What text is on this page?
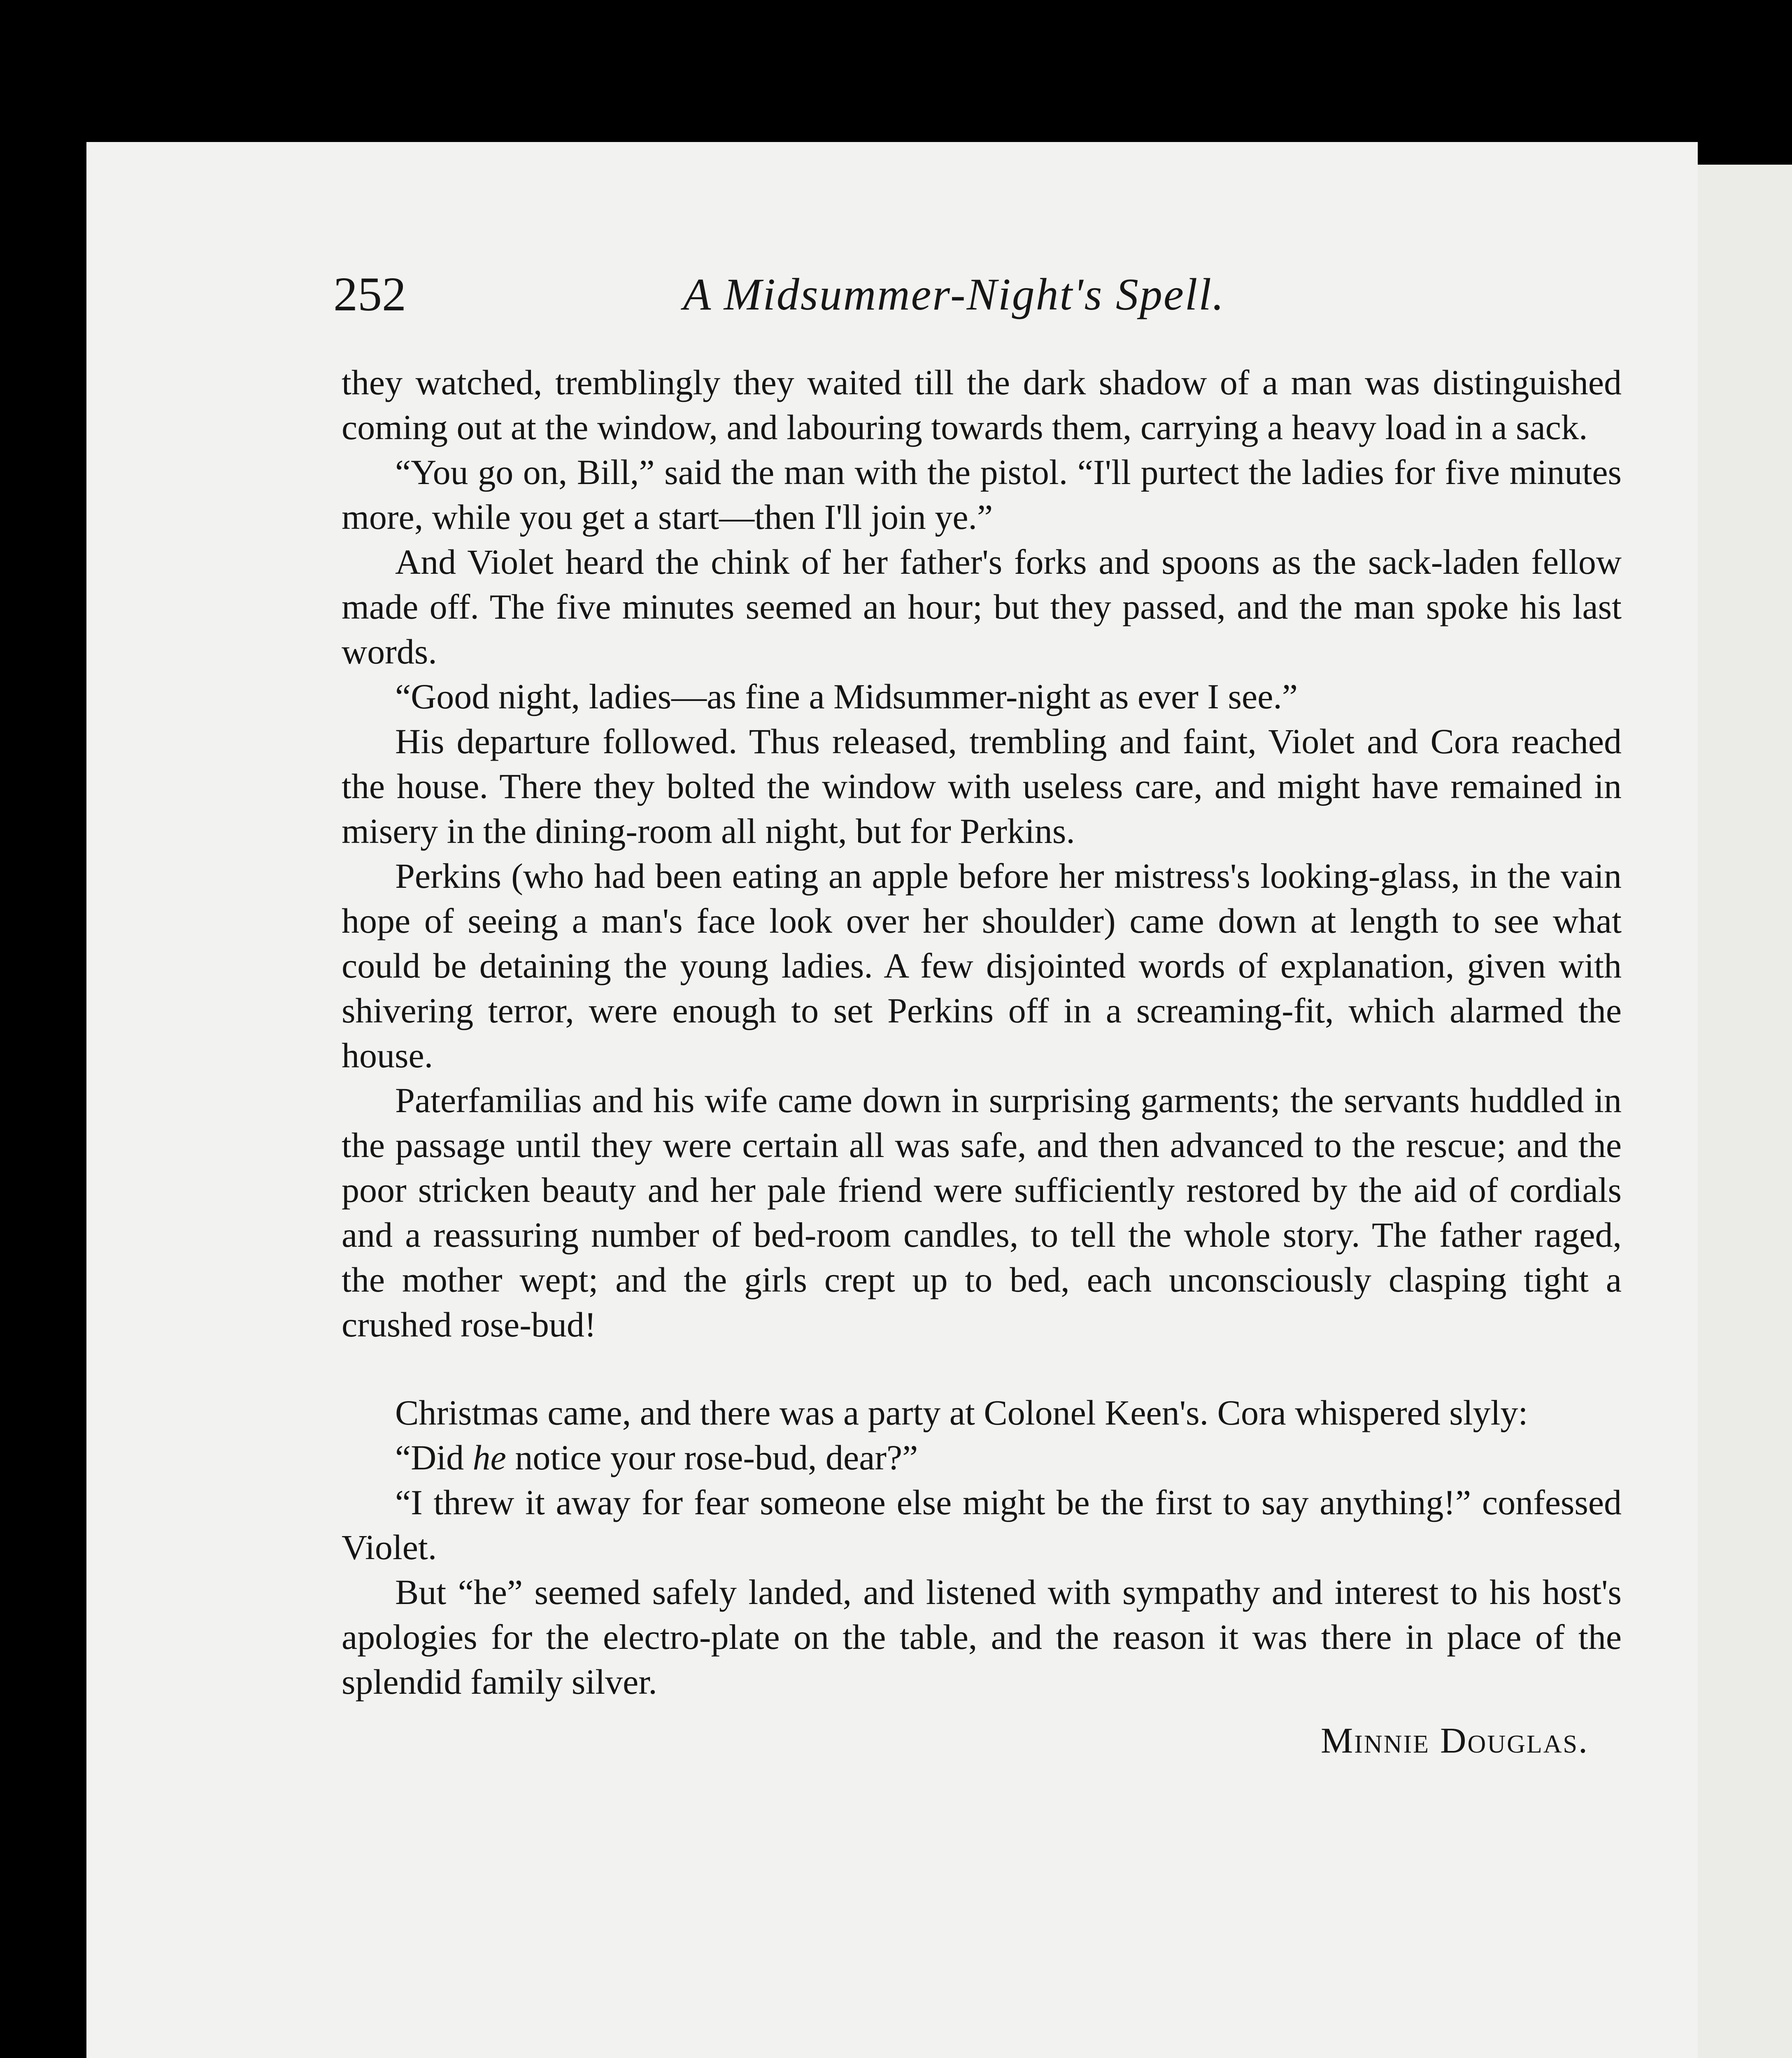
252	A Midsummer-Night's Spell.

they watched, tremblingly they waited till the dark shadow of a man was distinguished coming out at the window, and labouring towards them, carrying a heavy load in a sack.

“You go on, Bill,” said the man with the pistol. “I'll purtect the ladies for five minutes more, while you get a start—then I'll join ye.”

And Violet heard the chink of her father's forks and spoons as the sack-laden fellow made off. The five minutes seemed an hour; but they passed, and the man spoke his last words.

“Good night, ladies—as fine a Midsummer-night as ever I see.”

His departure followed. Thus released, trembling and faint, Violet and Cora reached the house. There they bolted the window with useless care, and might have remained in misery in the dining-room all night, but for Perkins.

Perkins (who had been eating an apple before her mistress's looking-glass, in the vain hope of seeing a man's face look over her shoulder) came down at length to see what could be detaining the young ladies. A few disjointed words of explanation, given with shivering terror, were enough to set Perkins off in a screaming-fit, which alarmed the house.

Paterfamilias and his wife came down in surprising garments; the servants huddled in the passage until they were certain all was safe, and then advanced to the rescue; and the poor stricken beauty and her pale friend were sufficiently restored by the aid of cordials and a reassuring number of bed-room candles, to tell the whole story. The father raged, the mother wept; and the girls crept up to bed, each unconsciously clasping tight a crushed rose-bud!

Christmas came, and there was a party at Colonel Keen's. Cora whispered slyly:

“Did he notice your rose-bud, dear?”

“I threw it away for fear someone else might be the first to say anything!” confessed Violet.

But “he” seemed safely landed, and listened with sympathy and interest to his host's apologies for the electro-plate on the table, and the reason it was there in place of the splendid family silver.

Minnie Douglas.
